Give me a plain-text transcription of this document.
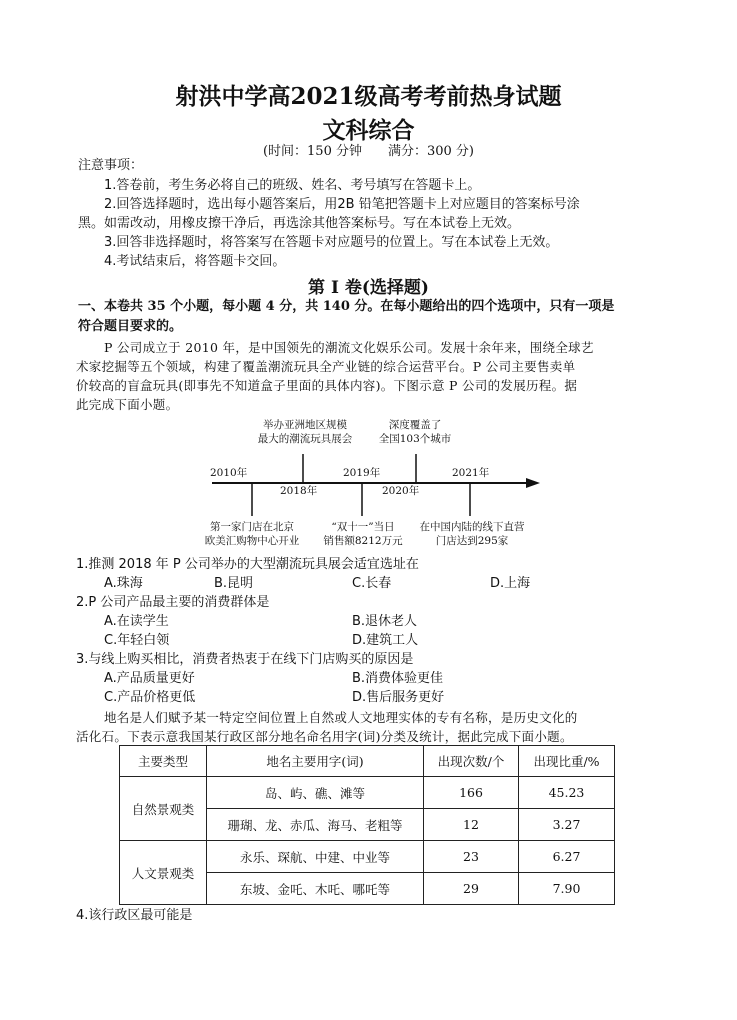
射洪中学高2021级高考考前热身试题
文科综合
(时间：150 分钟　　满分：300 分)
注意事项：
1.答卷前，考生务必将自己的班级、姓名、考号填写在答题卡上。
2.回答选择题时，选出每小题答案后，用2B 铅笔把答题卡上对应题目的答案标号涂
黑。如需改动，用橡皮擦干净后，再选涂其他答案标号。写在本试卷上无效。
3.回答非选择题时，将答案写在答题卡对应题号的位置上。写在本试卷上无效。
4.考试结束后，将答题卡交回。
第 I 卷(选择题)
一、本卷共 35 个小题，每小题 4 分，共 140 分。在每小题给出的四个选项中，只有一项是
符合题目要求的。
P 公司成立于 2010 年，是中国领先的潮流文化娱乐公司。发展十余年来，围绕全球艺
术家挖掘等五个领域，构建了覆盖潮流玩具全产业链的综合运营平台。P 公司主要售卖单
价较高的盲盒玩具(即事先不知道盒子里面的具体内容)。下图示意 P 公司的发展历程。据
此完成下面小题。
举办亚洲地区规模
最大的潮流玩具展会
深度覆盖了
全国103个城市
2010年
2018年
2019年
2020年
2021年
第一家门店在北京
欧美汇购物中心开业
“双十一”当日
销售额8212万元
在中国内陆的线下直营
门店达到295家
1.推测 2018 年 P 公司举办的大型潮流玩具展会适宜选址在
A.珠海	B.昆明	C.长春	D.上海
2.P 公司产品最主要的消费群体是
A.在读学生	B.退休老人
C.年轻白领	D.建筑工人
3.与线上购买相比，消费者热衷于在线下门店购买的原因是
A.产品质量更好	B.消费体验更佳
C.产品价格更低	D.售后服务更好
地名是人们赋予某一特定空间位置上自然或人文地理实体的专有名称，是历史文化的
活化石。下表示意我国某行政区部分地名命名用字(词)分类及统计，据此完成下面小题。
主要类型	地名主要用字(词)	出现次数/个	出现比重/%
自然景观类	岛、屿、礁、滩等	166	45.23
	珊瑚、龙、赤瓜、海马、老粗等	12	3.27
人文景观类	永乐、琛航、中建、中业等	23	6.27
	东坡、金吒、木吒、哪吒等	29	7.90
4.该行政区最可能是
